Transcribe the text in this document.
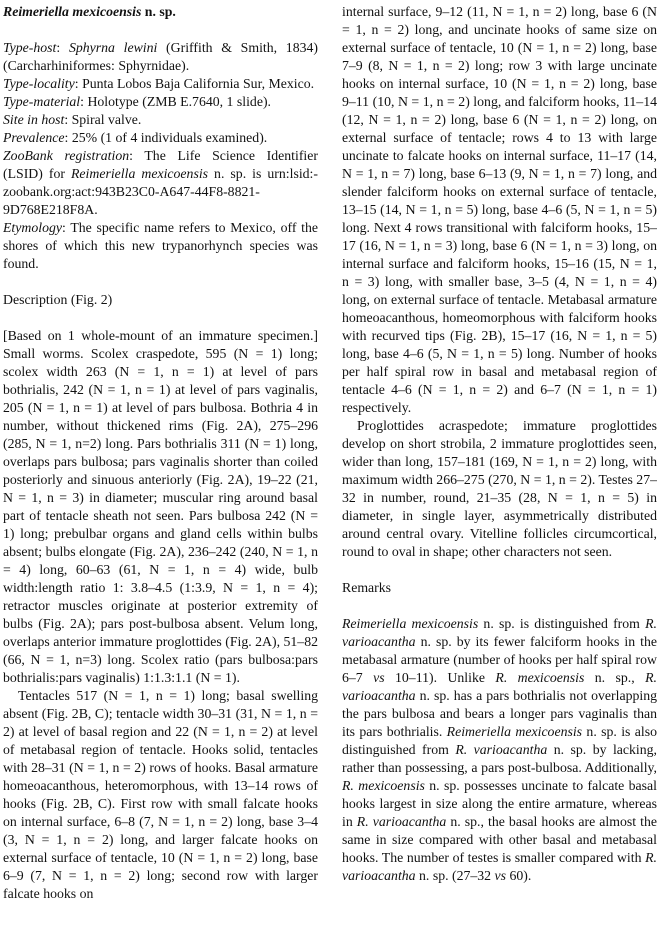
Reimeriella mexicoensis n. sp.

Type-host: Sphyrna lewini (Griffith & Smith, 1834) (Carcharhiniformes: Sphyrnidae).

Type-locality: Punta Lobos Baja California Sur, Mexico.

Type-material: Holotype (ZMB E.7640, 1 slide).

Site in host: Spiral valve.

Prevalence: 25% (1 of 4 individuals examined).

ZooBank registration: The Life Science Identifier (LSID) for Reimeriella mexicoensis n. sp. is urn:lsid:-zoobank.org:act:943B23C0-A647-44F8-8821-9D768E218F8A.

Etymology: The specific name refers to Mexico, off the shores of which this new trypanorhynch species was found.

Description (Fig. 2)

[Based on 1 whole-mount of an immature specimen.] Small worms. Scolex craspedote, 595 (N = 1) long; scolex width 263 (N = 1, n = 1) at level of pars bothrialis, 242 (N = 1, n = 1) at level of pars vaginalis, 205 (N = 1, n = 1) at level of pars bulbosa. Bothria 4 in number, without thickened rims (Fig. 2A), 275–296 (285, N = 1, n=2) long. Pars bothrialis 311 (N = 1) long, overlaps pars bulbosa; pars vaginalis shorter than coiled posteriorly and sinuous anteriorly (Fig. 2A), 19–22 (21, N = 1, n = 3) in diameter; muscular ring around basal part of tentacle sheath not seen. Pars bulbosa 242 (N = 1) long; prebulbar organs and gland cells within bulbs absent; bulbs elongate (Fig. 2A), 236–242 (240, N = 1, n = 4) long, 60–63 (61, N = 1, n = 4) wide, bulb width:length ratio 1: 3.8–4.5 (1:3.9, N = 1, n = 4); retractor muscles originate at posterior extremity of bulbs (Fig. 2A); pars post-bulbosa absent. Velum long, overlaps anterior immature proglottides (Fig. 2A), 51–82 (66, N = 1, n=3) long. Scolex ratio (pars bulbosa:pars bothrialis:pars vaginalis) 1:1.3:1.1 (N = 1).

Tentacles 517 (N = 1, n = 1) long; basal swelling absent (Fig. 2B, C); tentacle width 30–31 (31, N = 1, n = 2) at level of basal region and 22 (N = 1, n = 2) at level of metabasal region of tentacle. Hooks solid, tentacles with 28–31 (N = 1, n = 2) rows of hooks. Basal armature homeoacanthous, heteromorphous, with 13–14 rows of hooks (Fig. 2B, C). First row with small falcate hooks on internal surface, 6–8 (7, N = 1, n = 2) long, base 3–4 (3, N = 1, n = 2) long, and larger falcate hooks on external surface of tentacle, 10 (N = 1, n = 2) long, base 6–9 (7, N = 1, n = 2) long; second row with larger falcate hooks on

internal surface, 9–12 (11, N = 1, n = 2) long, base 6 (N = 1, n = 2) long, and uncinate hooks of same size on external surface of tentacle, 10 (N = 1, n = 2) long, base 7–9 (8, N = 1, n = 2) long; row 3 with large uncinate hooks on internal surface, 10 (N = 1, n = 2) long, base 9–11 (10, N = 1, n = 2) long, and falciform hooks, 11–14 (12, N = 1, n = 2) long, base 6 (N = 1, n = 2) long, on external surface of tentacle; rows 4 to 13 with large uncinate to falcate hooks on internal surface, 11–17 (14, N = 1, n = 7) long, base 6–13 (9, N = 1, n = 7) long, and slender falciform hooks on external surface of tentacle, 13–15 (14, N = 1, n = 5) long, base 4–6 (5, N = 1, n = 5) long. Next 4 rows transitional with falciform hooks, 15–17 (16, N = 1, n = 3) long, base 6 (N = 1, n = 3) long, on internal surface and falciform hooks, 15–16 (15, N = 1, n = 3) long, with smaller base, 3–5 (4, N = 1, n = 4) long, on external surface of tentacle. Metabasal armature homeoacanthous, homeomorphous with falciform hooks with recurved tips (Fig. 2B), 15–17 (16, N = 1, n = 5) long, base 4–6 (5, N = 1, n = 5) long. Number of hooks per half spiral row in basal and metabasal region of tentacle 4–6 (N = 1, n = 2) and 6–7 (N = 1, n = 1) respectively.

Proglottides acraspedote; immature proglottides develop on short strobila, 2 immature proglottides seen, wider than long, 157–181 (169, N = 1, n = 2) long, with maximum width 266–275 (270, N = 1, n = 2). Testes 27–32 in number, round, 21–35 (28, N = 1, n = 5) in diameter, in single layer, asymmetrically distributed around central ovary. Vitelline follicles circumcortical, round to oval in shape; other characters not seen.

Remarks

Reimeriella mexicoensis n. sp. is distinguished from R. varioacantha n. sp. by its fewer falciform hooks in the metabasal armature (number of hooks per half spiral row 6–7 vs 10–11). Unlike R. mexicoensis n. sp., R. varioacantha n. sp. has a pars bothrialis not overlapping the pars bulbosa and bears a longer pars vaginalis than its pars bothrialis. Reimeriella mexicoensis n. sp. is also distinguished from R. varioacantha n. sp. by lacking, rather than possessing, a pars post-bulbosa. Additionally, R. mexicoensis n. sp. possesses uncinate to falcate basal hooks largest in size along the entire armature, whereas in R. varioacantha n. sp., the basal hooks are almost the same in size compared with other basal and metabasal hooks. The number of testes is smaller compared with R. varioacantha n. sp. (27–32 vs 60).
